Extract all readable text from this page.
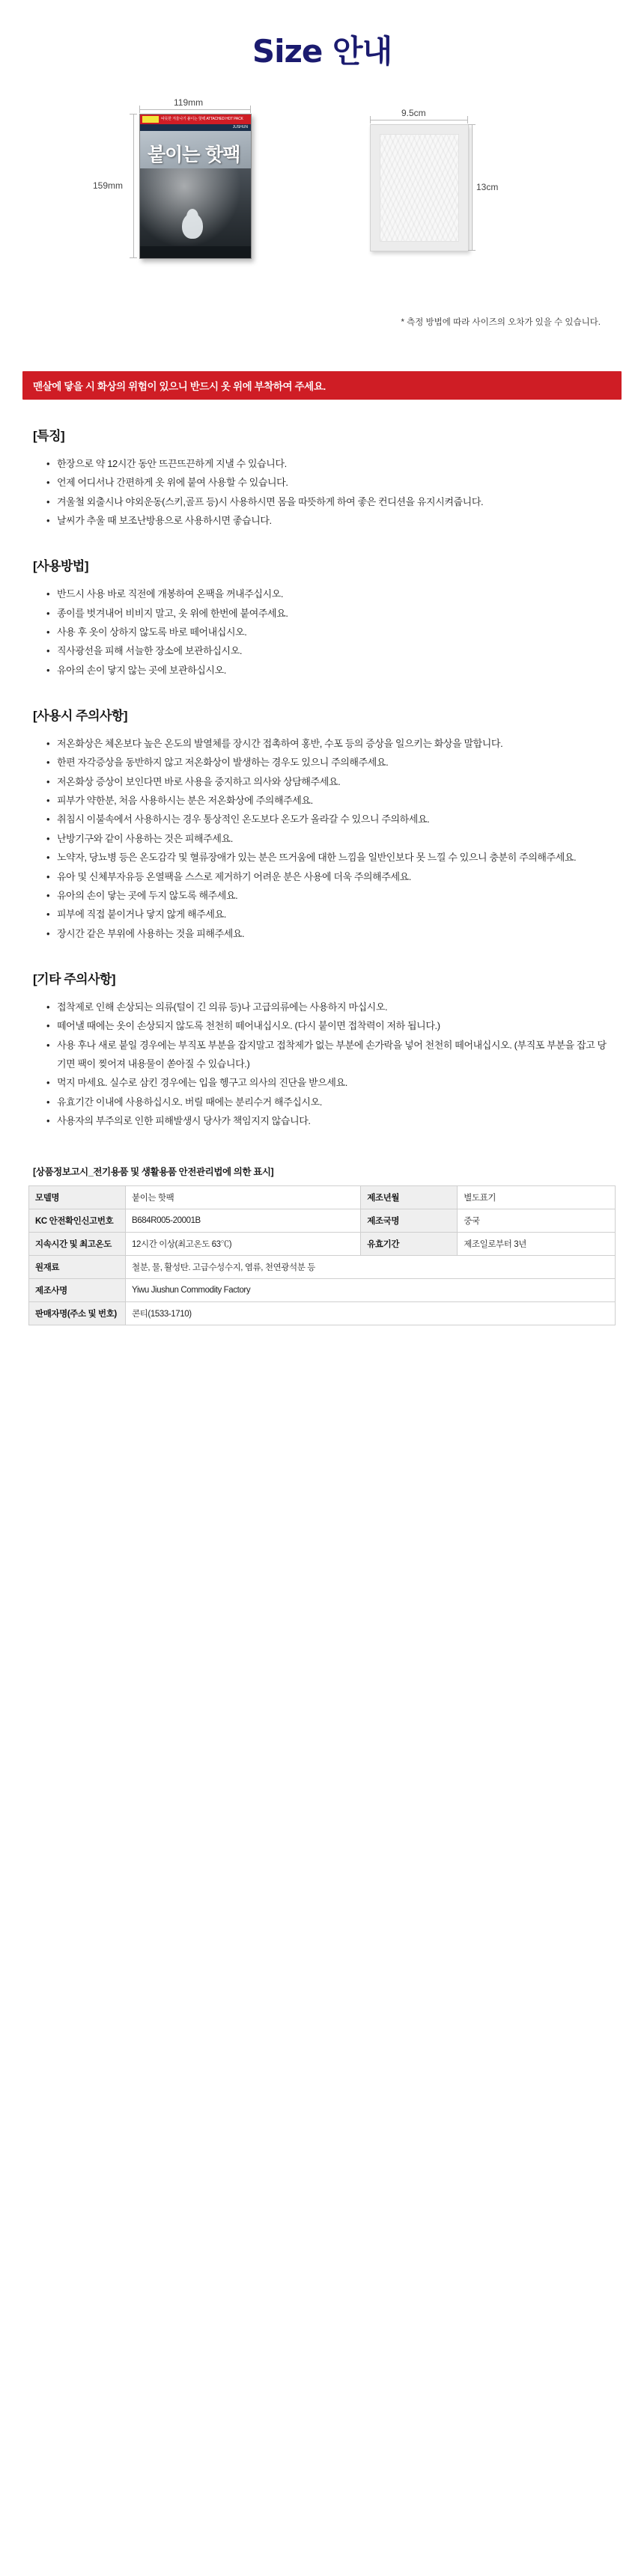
Size 안내
따뜻한 겨울나기 붙이는 핫팩 ATTACHED HOT PACK
JUSHUN
붙이는 핫팩
119mm
159mm
9.5cm
13cm
* 측정 방법에 따라 사이즈의 오차가 있을 수 있습니다.
맨살에 닿을 시 화상의 위험이 있으니 반드시 옷 위에 부착하여 주세요.
[특징]
• 한장으로 약 12시간 동안 뜨끈뜨끈하게 지낼 수 있습니다.
• 언제 어디서나 간편하게 옷 위에 붙여 사용할 수 있습니다.
• 겨울철 외출시나 야외운동(스키,골프 등)시 사용하시면 몸을 따뜻하게 하여 좋은 컨디션을 유지시켜줍니다.
• 날씨가 추울 때 보조난방용으로 사용하시면 좋습니다.
[사용방법]
• 반드시 사용 바로 직전에 개봉하여 온팩을 꺼내주십시오.
• 종이를 벗겨내어 비비지 말고, 옷 위에 한번에 붙여주세요.
• 사용 후 옷이 상하지 않도록 바로 떼어내십시오.
• 직사광선을 피해 서늘한 장소에 보관하십시오.
• 유아의 손이 닿지 않는 곳에 보관하십시오.
[사용시 주의사항]
• 저온화상은 체온보다 높은 온도의 발열체를 장시간 접촉하여 홍반, 수포 등의 증상을 일으키는 화상을 말합니다.
• 한편 자각증상을 동반하지 않고 저온화상이 발생하는 경우도 있으니 주의해주세요.
• 저온화상 증상이 보인다면 바로 사용을 중지하고 의사와 상담해주세요.
• 피부가 약한분, 처음 사용하시는 분은 저온화상에 주의해주세요.
• 취침시 이불속에서 사용하시는 경우 통상적인 온도보다 온도가 올라갈 수 있으니 주의하세요.
• 난방기구와 같이 사용하는 것은 피해주세요.
• 노약자, 당뇨병 등은 온도감각 및 혈류장애가 있는 분은 뜨거움에 대한 느낌을 일반인보다 못 느낄 수 있으니 충분히 주의해주세요.
• 유아 및 신체부자유등 온열팩을 스스로 제거하기 어려운 분은 사용에 더욱 주의해주세요.
• 유아의 손이 닿는 곳에 두지 않도록 해주세요.
• 피부에 직접 붙이거나 닿지 않게 해주세요.
• 장시간 같은 부위에 사용하는 것을 피해주세요.
[기타 주의사항]
• 접착제로 인해 손상되는 의류(털이 긴 의류 등)나 고급의류에는 사용하지 마십시오.
• 떼어낼 때에는 옷이 손상되지 않도록 천천히 떼어내십시오. (다시 붙이면 접착력이 저하 됩니다.)
• 사용 후나 새로 붙일 경우에는 부직포 부분을 잡지말고 접착제가 없는 부분에 손가락을 넣어 천천히 떼어내십시오. (부직포 부분을 잡고 당기면 팩이 찢어져 내용물이 쏟아질 수 있습니다.)
• 먹지 마세요. 실수로 삼킨 경우에는 입을 헹구고 의사의 진단을 받으세요.
• 유효기간 이내에 사용하십시오. 버릴 때에는 분리수거 해주십시오.
• 사용자의 부주의로 인한 피해발생시 당사가 책임지지 않습니다.
[상품정보고시_전기용품 및 생활용품 안전관리법에 의한 표시]
모델명	붙이는 핫팩	제조년월	별도표기
KC 안전확인신고번호	B684R005-20001B	제조국명	중국
지속시간 및 최고온도	12시간 이상(최고온도 63℃)	유효기간	제조일로부터 3년
원재료	철분, 물, 활성탄. 고급수성수지, 염류, 천연광석분 등		
제조사명	Yiwu Jiushun Commodity Factory		
판매자명(주소 및 번호)	콘티(1533-1710)		
